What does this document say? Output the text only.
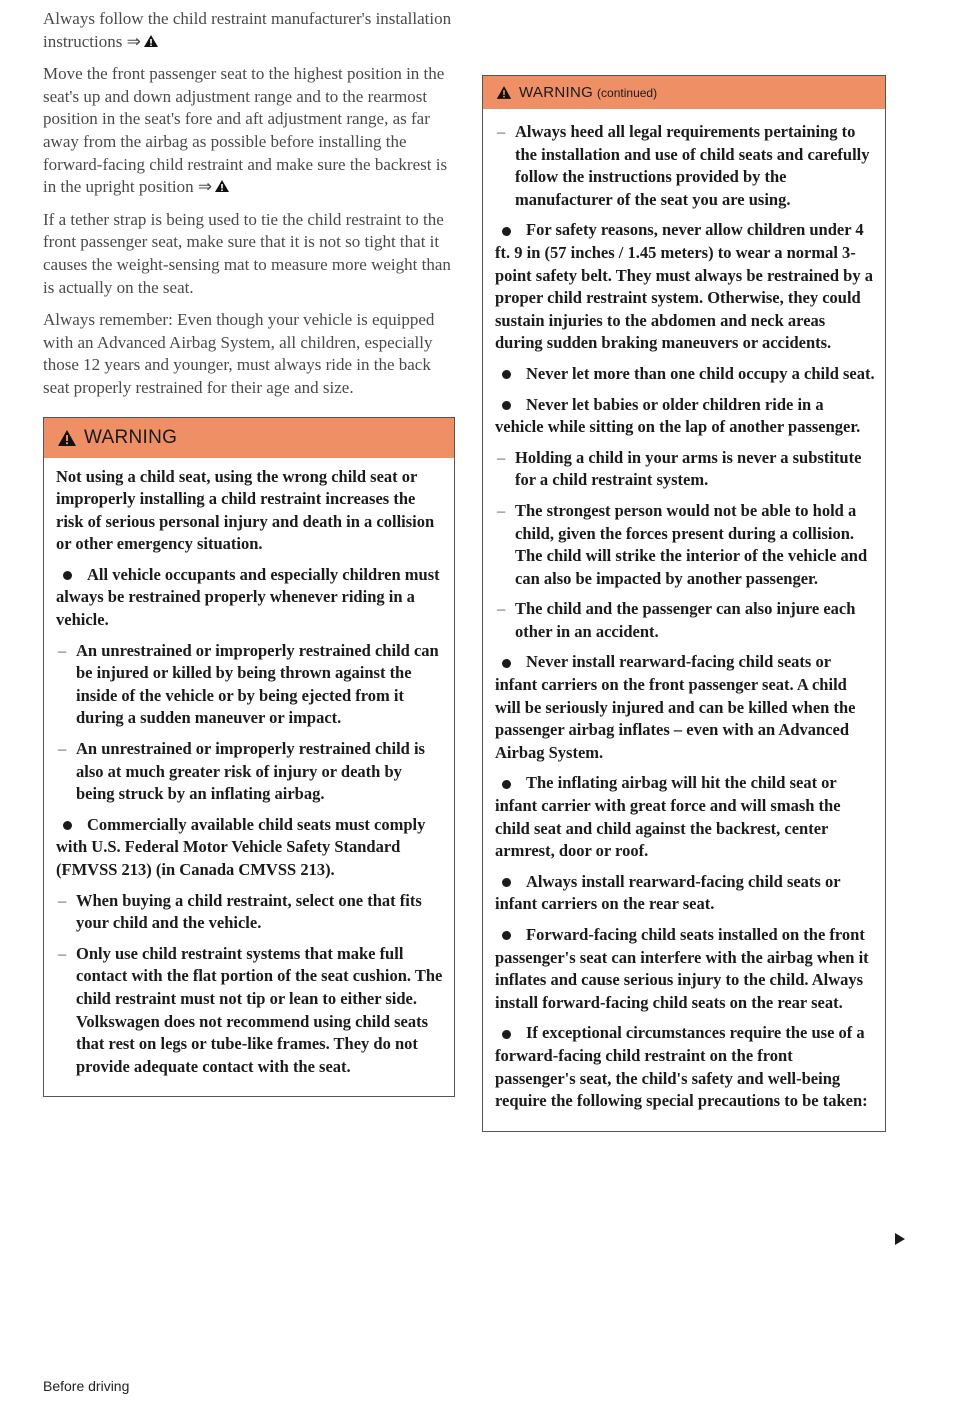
Always follow the child restraint manufacturer's installation instructions ⇒

Move the front passenger seat to the highest position in the seat's up and down adjustment range and to the rearmost position in the seat's fore and aft adjustment range, as far away from the airbag as possible before installing the forward-facing child restraint and make sure the backrest is in the upright position ⇒

If a tether strap is being used to tie the child restraint to the front passenger seat, make sure that it is not so tight that it causes the weight-sensing mat to measure more weight than is actually on the seat.

Always remember: Even though your vehicle is equipped with an Advanced Airbag System, all children, especially those 12 years and younger, must always ride in the back seat properly restrained for their age and size.

WARNING

Not using a child seat, using the wrong child seat or improperly installing a child restraint increases the risk of serious personal injury and death in a collision or other emergency situation.

All vehicle occupants and especially children must always be restrained properly whenever riding in a vehicle.

– An unrestrained or improperly restrained child can be injured or killed by being thrown against the inside of the vehicle or by being ejected from it during a sudden maneuver or impact.

– An unrestrained or improperly restrained child is also at much greater risk of injury or death by being struck by an inflating airbag.

Commercially available child seats must comply with U.S. Federal Motor Vehicle Safety Standard (FMVSS 213) (in Canada CMVSS 213).

– When buying a child restraint, select one that fits your child and the vehicle.

– Only use child restraint systems that make full contact with the flat portion of the seat cushion. The child restraint must not tip or lean to either side. Volkswagen does not recommend using child seats that rest on legs or tube-like frames. They do not provide adequate contact with the seat.

WARNING (continued)

– Always heed all legal requirements pertaining to the installation and use of child seats and carefully follow the instructions provided by the manufacturer of the seat you are using.

For safety reasons, never allow children under 4 ft. 9 in (57 inches / 1.45 meters) to wear a normal 3-point safety belt. They must always be restrained by a proper child restraint system. Otherwise, they could sustain injuries to the abdomen and neck areas during sudden braking maneuvers or accidents.

Never let more than one child occupy a child seat.

Never let babies or older children ride in a vehicle while sitting on the lap of another passenger.

– Holding a child in your arms is never a substitute for a child restraint system.

– The strongest person would not be able to hold a child, given the forces present during a collision. The child will strike the interior of the vehicle and can also be impacted by another passenger.

– The child and the passenger can also injure each other in an accident.

Never install rearward-facing child seats or infant carriers on the front passenger seat. A child will be seriously injured and can be killed when the passenger airbag inflates – even with an Advanced Airbag System.

The inflating airbag will hit the child seat or infant carrier with great force and will smash the child seat and child against the backrest, center armrest, door or roof.

Always install rearward-facing child seats or infant carriers on the rear seat.

Forward-facing child seats installed on the front passenger's seat can interfere with the airbag when it inflates and cause serious injury to the child. Always install forward-facing child seats on the rear seat.

If exceptional circumstances require the use of a forward-facing child restraint on the front passenger's seat, the child's safety and well-being require the following special precautions to be taken:

Before driving
